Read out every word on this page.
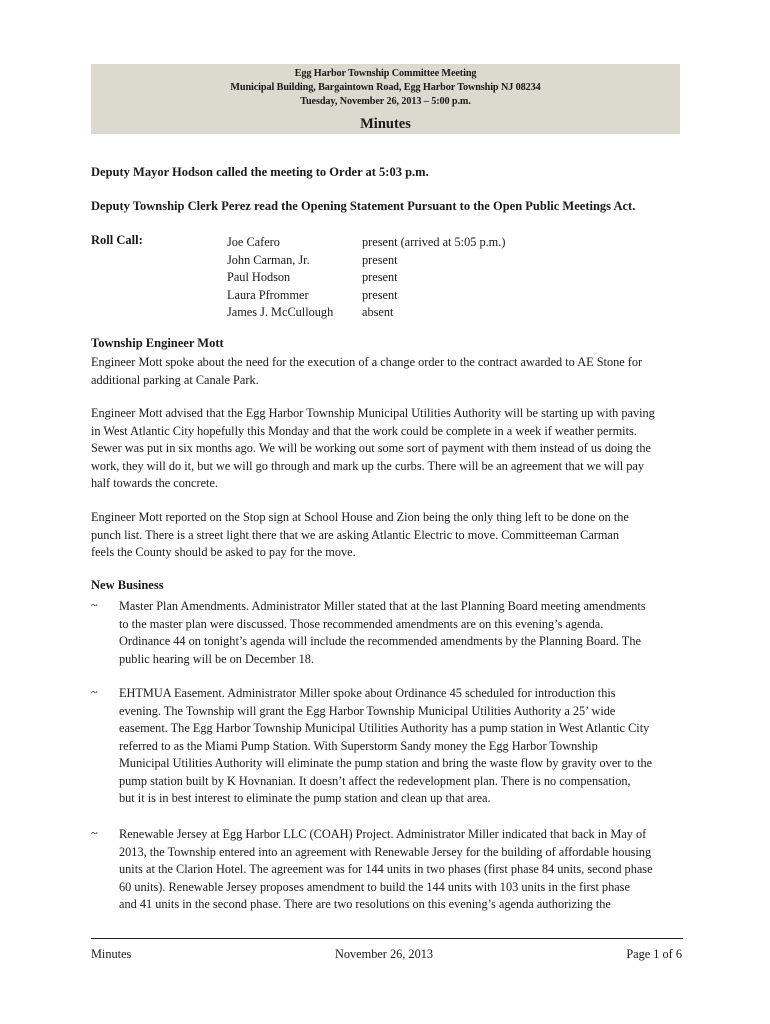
Egg Harbor Township Committee Meeting
Municipal Building, Bargaintown Road, Egg Harbor Township NJ 08234
Tuesday, November 26, 2013 – 5:00 p.m.
Minutes
Deputy Mayor Hodson called the meeting to Order at 5:03 p.m.
Deputy Township Clerk Perez read the Opening Statement Pursuant to the Open Public Meetings Act.
Roll Call:	Joe Cafero	present (arrived at 5:05 p.m.)
John Carman, Jr.	present
Paul Hodson	present
Laura Pfrommer	present
James J. McCullough	absent
Township Engineer Mott
Engineer Mott spoke about the need for the execution of a change order to the contract awarded to AE Stone for
additional parking at Canale Park.
Engineer Mott advised that the Egg Harbor Township Municipal Utilities Authority will be starting up with paving
in West Atlantic City hopefully this Monday and that the work could be complete in a week if weather permits.
Sewer was put in six months ago. We will be working out some sort of payment with them instead of us doing the
work, they will do it, but we will go through and mark up the curbs. There will be an agreement that we will pay
half towards the concrete.
Engineer Mott reported on the Stop sign at School House and Zion being the only thing left to be done on the
punch list. There is a street light there that we are asking Atlantic Electric to move. Committeeman Carman
feels the County should be asked to pay for the move.
New Business
~ Master Plan Amendments. Administrator Miller stated that at the last Planning Board meeting amendments
to the master plan were discussed. Those recommended amendments are on this evening’s agenda.
Ordinance 44 on tonight’s agenda will include the recommended amendments by the Planning Board. The
public hearing will be on December 18.
~ EHTMUA Easement. Administrator Miller spoke about Ordinance 45 scheduled for introduction this
evening. The Township will grant the Egg Harbor Township Municipal Utilities Authority a 25’ wide
easement. The Egg Harbor Township Municipal Utilities Authority has a pump station in West Atlantic City
referred to as the Miami Pump Station. With Superstorm Sandy money the Egg Harbor Township
Municipal Utilities Authority will eliminate the pump station and bring the waste flow by gravity over to the
pump station built by K Hovnanian. It doesn’t affect the redevelopment plan. There is no compensation,
but it is in best interest to eliminate the pump station and clean up that area.
~ Renewable Jersey at Egg Harbor LLC (COAH) Project. Administrator Miller indicated that back in May of
2013, the Township entered into an agreement with Renewable Jersey for the building of affordable housing
units at the Clarion Hotel. The agreement was for 144 units in two phases (first phase 84 units, second phase
60 units). Renewable Jersey proposes amendment to build the 144 units with 103 units in the first phase
and 41 units in the second phase. There are two resolutions on this evening’s agenda authorizing the
Minutes	November 26, 2013	Page 1 of 6
